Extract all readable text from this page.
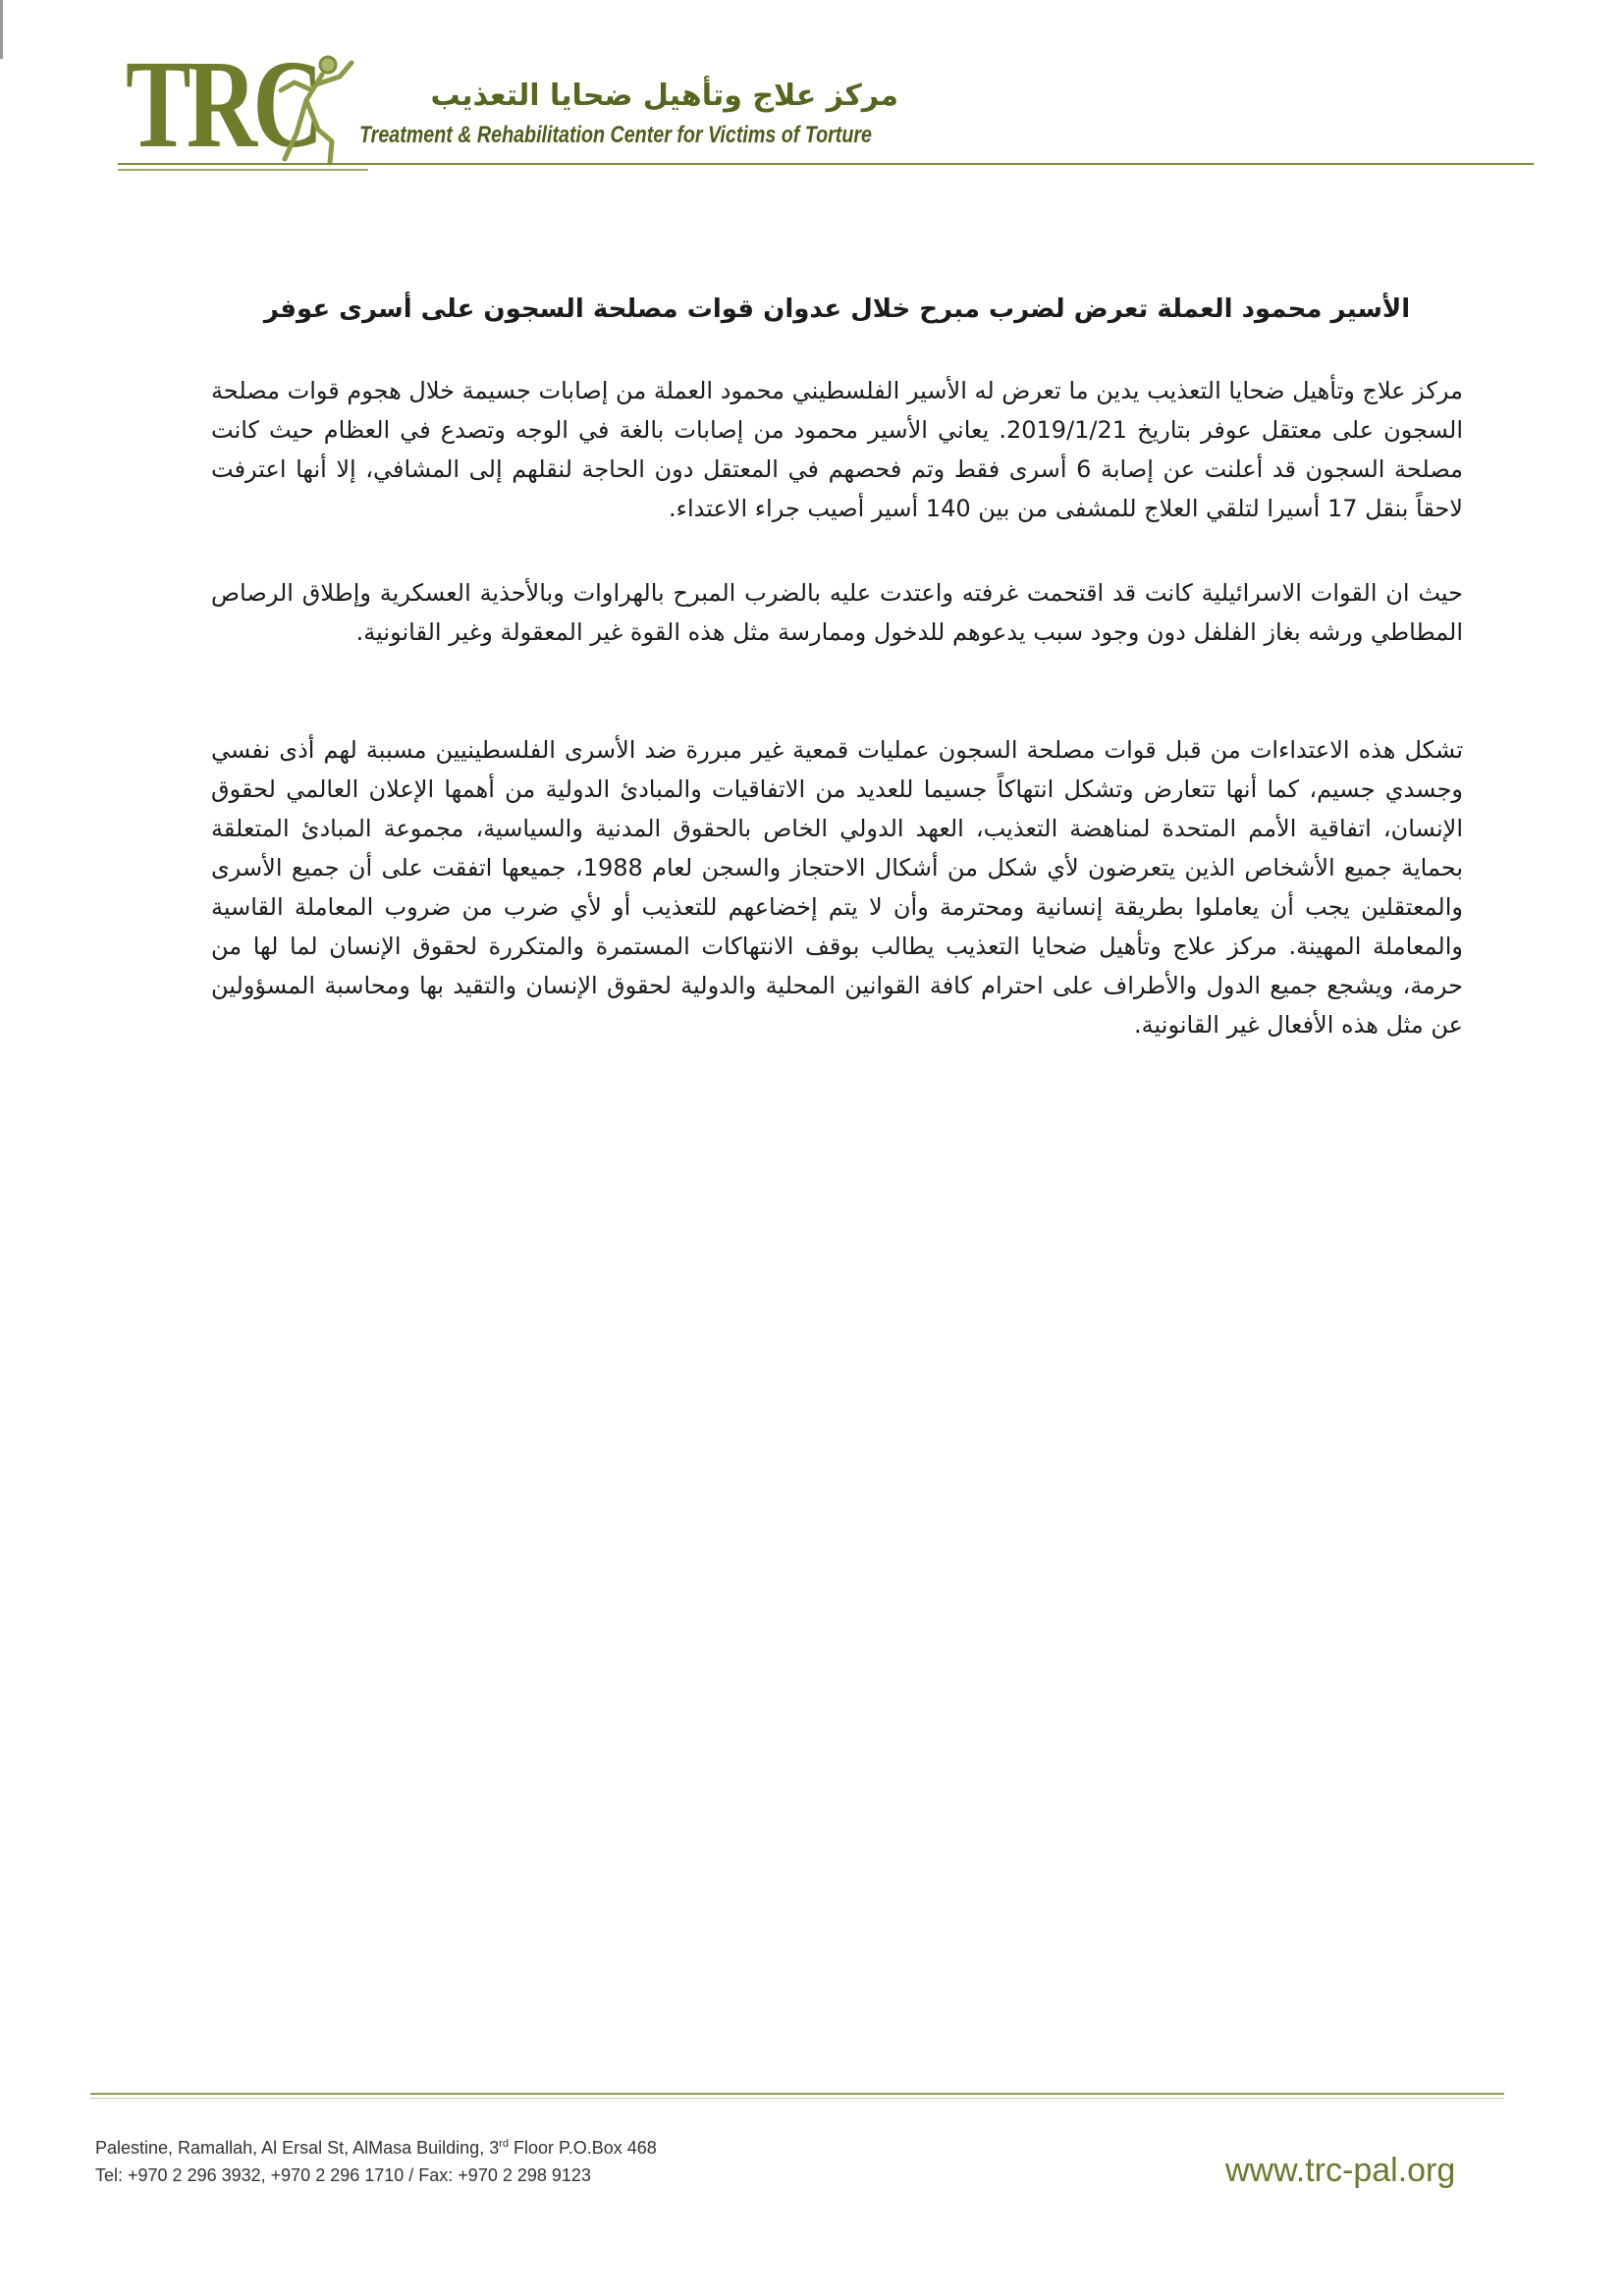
TRC	مركز علاج وتأهيل ضحايا التعذيب
Treatment & Rehabilitation Center for Victims of Torture
الأسير محمود العملة تعرض لضرب مبرح خلال عدوان قوات مصلحة السجون على أسرى عوفر

مركز علاج وتأهيل ضحايا التعذيب يدين ما تعرض له الأسير الفلسطيني محمود العملة من إصابات جسيمة خلال هجوم قوات مصلحة السجون على معتقل عوفر بتاريخ 2019/1/21. يعاني الأسير محمود من إصابات بالغة في الوجه وتصدع في العظام حيث كانت مصلحة السجون قد أعلنت عن إصابة 6 أسرى فقط وتم فحصهم في المعتقل دون الحاجة لنقلهم إلى المشافي، إلا أنها اعترفت لاحقاً بنقل 17 أسيرا لتلقي العلاج للمشفى من بين 140 أسير أصيب جراء الاعتداء.

حيث ان القوات الاسرائيلية كانت قد اقتحمت غرفته واعتدت عليه بالضرب المبرح بالهراوات وبالأحذية العسكرية وإطلاق الرصاص المطاطي ورشه بغاز الفلفل دون وجود سبب يدعوهم للدخول وممارسة مثل هذه القوة غير المعقولة وغير القانونية.

تشكل هذه الاعتداءات من قبل قوات مصلحة السجون عمليات قمعية غير مبررة ضد الأسرى الفلسطينيين مسببة لهم أذى نفسي وجسدي جسيم، كما أنها تتعارض وتشكل انتهاكاً جسيما للعديد من الاتفاقيات والمبادئ الدولية من أهمها الإعلان العالمي لحقوق الإنسان، اتفاقية الأمم المتحدة لمناهضة التعذيب، العهد الدولي الخاص بالحقوق المدنية والسياسية، مجموعة المبادئ المتعلقة بحماية جميع الأشخاص الذين يتعرضون لأي شكل من أشكال الاحتجاز والسجن لعام 1988، جميعها اتفقت على أن جميع الأسرى والمعتقلين يجب أن يعاملوا بطريقة إنسانية ومحترمة وأن لا يتم إخضاعهم للتعذيب أو لأي ضرب من ضروب المعاملة القاسية والمعاملة المهينة. مركز علاج وتأهيل ضحايا التعذيب يطالب بوقف الانتهاكات المستمرة والمتكررة لحقوق الإنسان لما لها من حرمة، ويشجع جميع الدول والأطراف على احترام كافة القوانين المحلية والدولية لحقوق الإنسان والتقيد بها ومحاسبة المسؤولين عن مثل هذه الأفعال غير القانونية.

Palestine, Ramallah, Al Ersal St, AlMasa Building, 3rd Floor P.O.Box 468
Tel: +970 2 296 3932, +970 2 296 1710 / Fax: +970 2 298 9123	www.trc-pal.org
